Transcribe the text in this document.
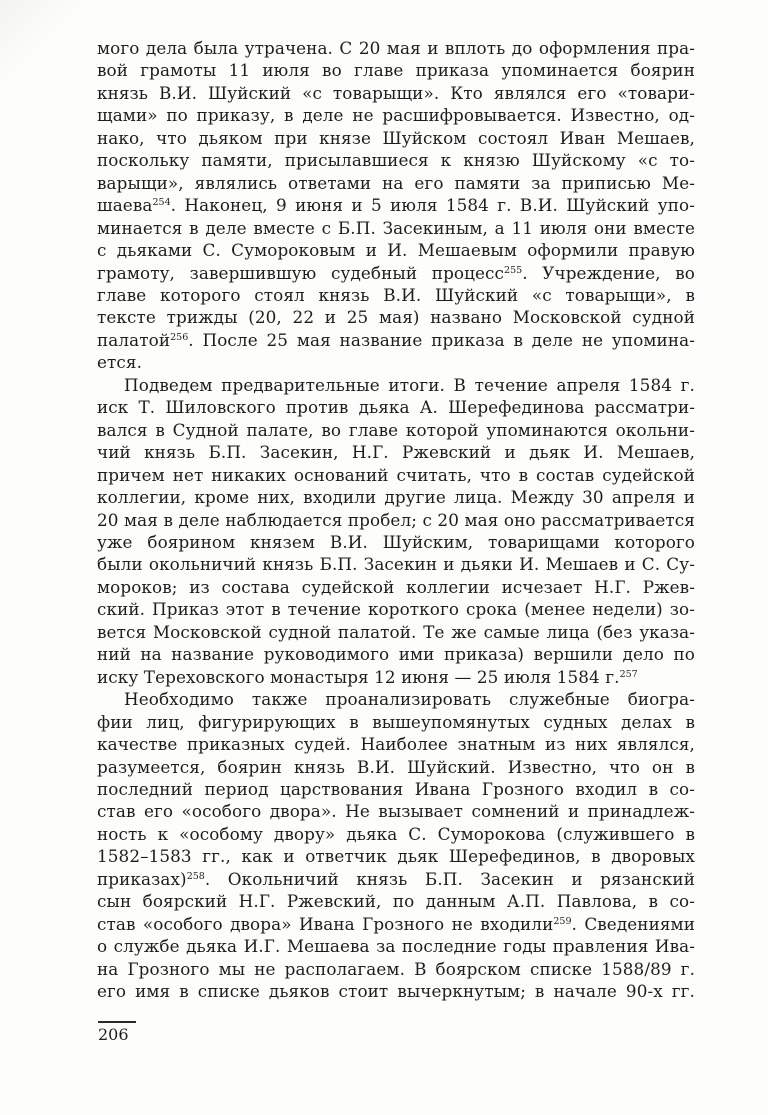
мого дела была утрачена. С 20 мая и вплоть до оформления пра-
вой грамоты 11 июля во главе приказа упоминается боярин
князь В.И. Шуйский «с товарыщи». Кто являлся его «товари-
щами» по приказу, в деле не расшифровывается. Известно, од-
нако, что дьяком при князе Шуйском состоял Иван Мешаев,
поскольку памяти, присылавшиеся к князю Шуйскому «с то-
варыщи», являлись ответами на его памяти за приписью Ме-
шаева$^{254}$. Наконец, 9 июня и 5 июля 1584 г. В.И. Шуйский упо-
минается в деле вместе с Б.П. Засекиным, а 11 июля они вместе
с дьяками С. Сумороковым и И. Мешаевым оформили правую
грамоту, завершившую судебный процесс$^{255}$. Учреждение, во
главе которого стоял князь В.И. Шуйский «с товарыщи», в
тексте трижды (20, 22 и 25 мая) названо Московской судной
палатой$^{256}$. После 25 мая название приказа в деле не упомина-
ется.
Подведем предварительные итоги. В течение апреля 1584 г.
иск Т. Шиловского против дьяка А. Шерефединова рассматри-
вался в Судной палате, во главе которой упоминаются окольни-
чий князь Б.П. Засекин, Н.Г. Ржевский и дьяк И. Мешаев,
причем нет никаких оснований считать, что в состав судейской
коллегии, кроме них, входили другие лица. Между 30 апреля и
20 мая в деле наблюдается пробел; с 20 мая оно рассматривается
уже боярином князем В.И. Шуйским, товарищами которого
были окольничий князь Б.П. Засекин и дьяки И. Мешаев и С. Су-
мороков; из состава судейской коллегии исчезает Н.Г. Ржев-
ский. Приказ этот в течение короткого срока (менее недели) зо-
вется Московской судной палатой. Те же самые лица (без указа-
ний на название руководимого ими приказа) вершили дело по
иску Тереховского монастыря 12 июня — 25 июля 1584 г.$^{257}$
Необходимо также проанализировать служебные биогра-
фии лиц, фигурирующих в вышеупомянутых судных делах в
качестве приказных судей. Наиболее знатным из них являлся,
разумеется, боярин князь В.И. Шуйский. Известно, что он в
последний период царствования Ивана Грозного входил в со-
став его «особого двора». Не вызывает сомнений и принадлеж-
ность к «особому двору» дьяка С. Суморокова (служившего в
1582–1583 гг., как и ответчик дьяк Шерефединов, в дворовых
приказах)$^{258}$. Окольничий князь Б.П. Засекин и рязанский
сын боярский Н.Г. Ржевский, по данным А.П. Павлова, в со-
став «особого двора» Ивана Грозного не входили$^{259}$. Сведениями
о службе дьяка И.Г. Мешаева за последние годы правления Ива-
на Грозного мы не располагаем. В боярском списке 1588/89 г.
его имя в списке дьяков стоит вычеркнутым; в начале 90-х гг.
206
